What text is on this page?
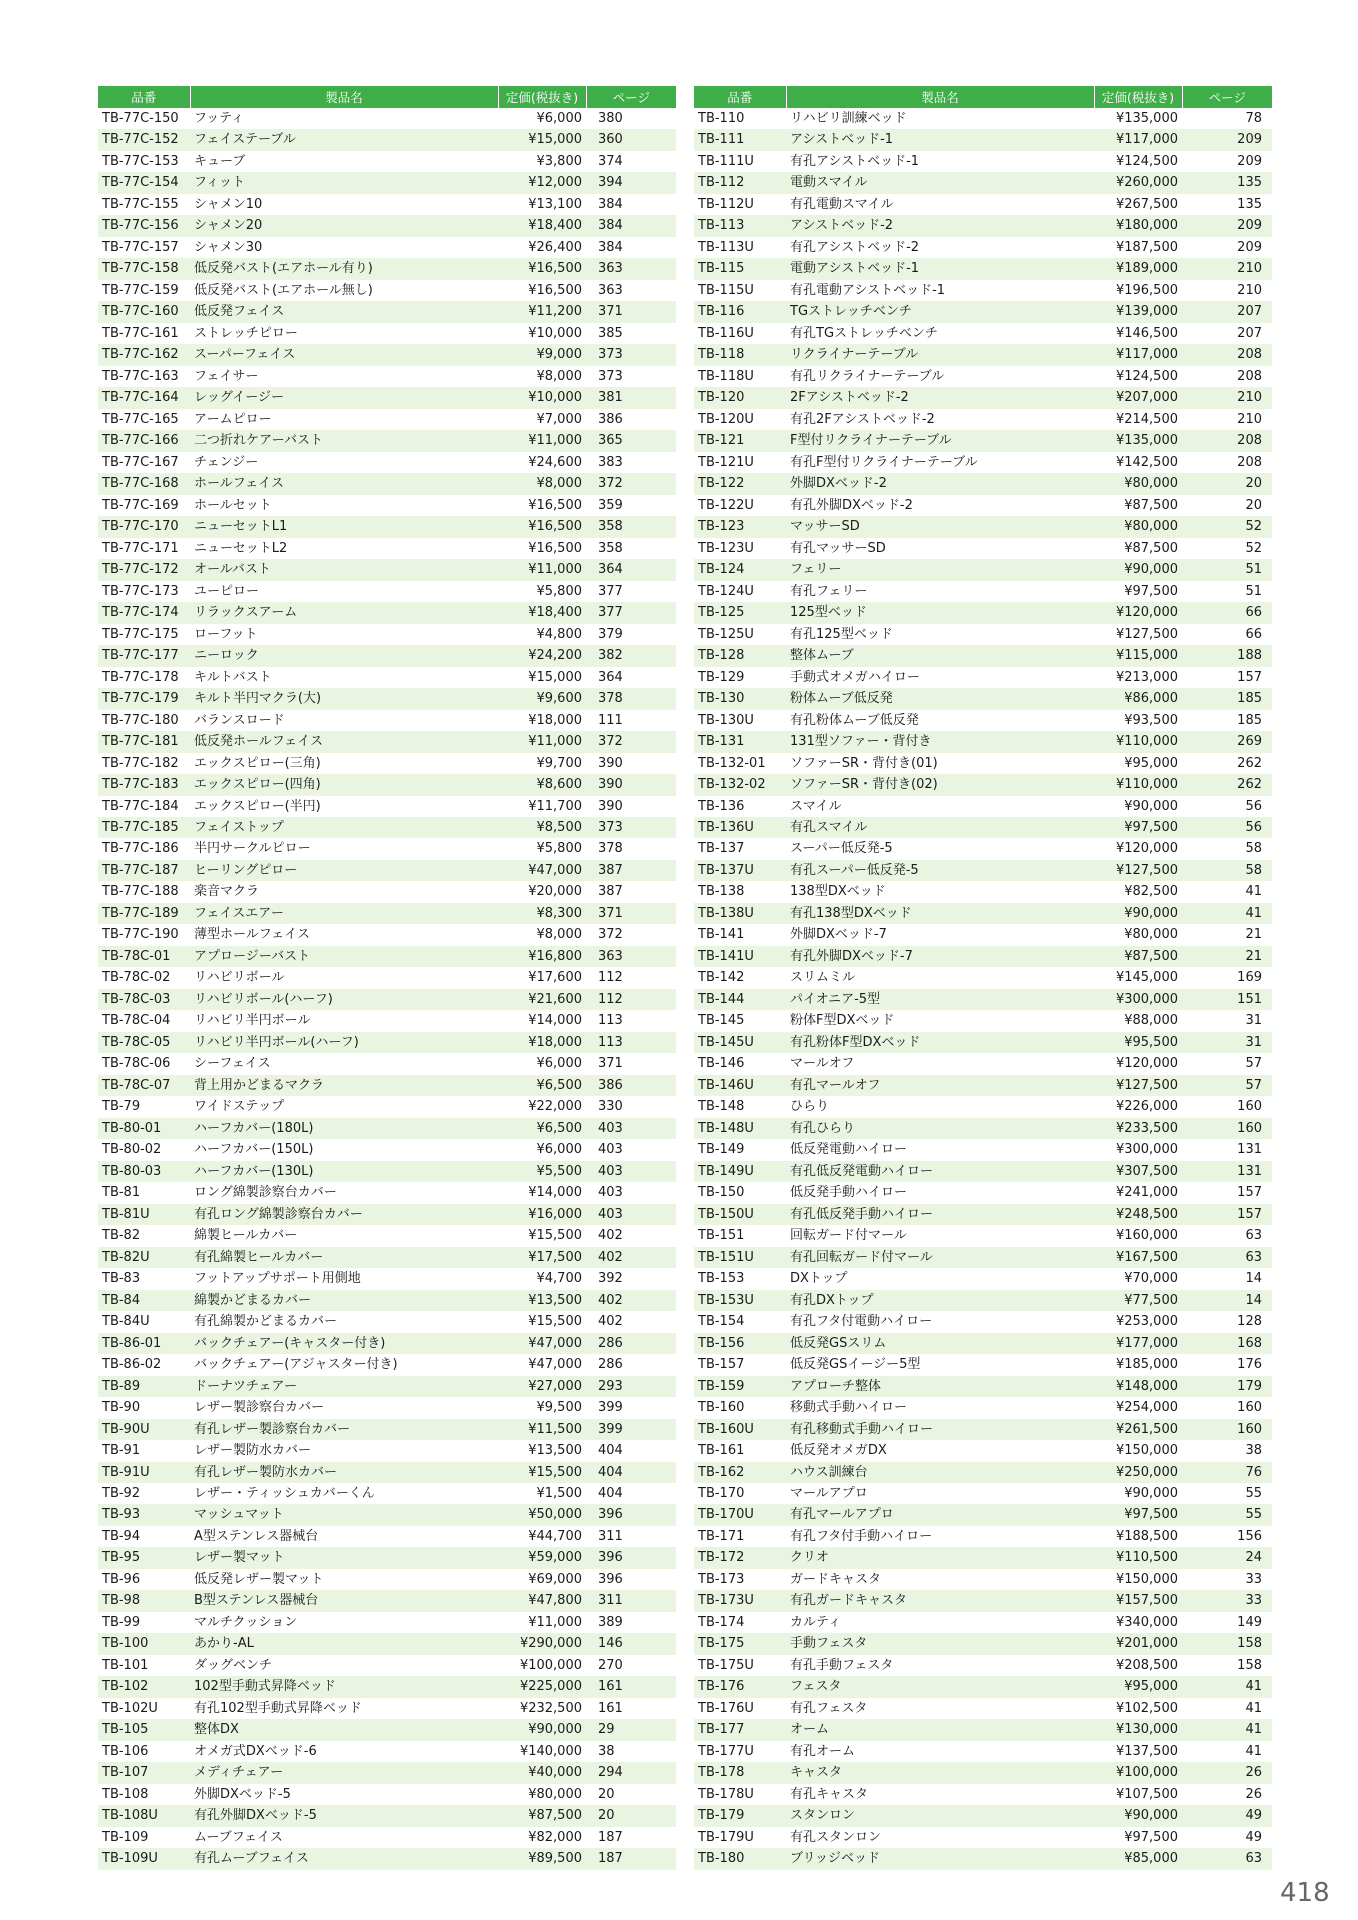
品番	製品名	定価(税抜き)	ページ
TB-77C-150	フッティ	¥6,000	380
TB-77C-152	フェイステーブル	¥15,000	360
TB-77C-153	キューブ	¥3,800	374
TB-77C-154	フィット	¥12,000	394
TB-77C-155	シャメン10	¥13,100	384
TB-77C-156	シャメン20	¥18,400	384
TB-77C-157	シャメン30	¥26,400	384
TB-77C-158	低反発バスト(エアホール有り)	¥16,500	363
TB-77C-159	低反発バスト(エアホール無し)	¥16,500	363
TB-77C-160	低反発フェイス	¥11,200	371
TB-77C-161	ストレッチピロー	¥10,000	385
TB-77C-162	スーパーフェイス	¥9,000	373
TB-77C-163	フェイサー	¥8,000	373
TB-77C-164	レッグイージー	¥10,000	381
TB-77C-165	アームピロー	¥7,000	386
TB-77C-166	二つ折れケアーバスト	¥11,000	365
TB-77C-167	チェンジー	¥24,600	383
TB-77C-168	ホールフェイス	¥8,000	372
TB-77C-169	ホールセット	¥16,500	359
TB-77C-170	ニューセットL1	¥16,500	358
TB-77C-171	ニューセットL2	¥16,500	358
TB-77C-172	オールバスト	¥11,000	364
TB-77C-173	ユーピロー	¥5,800	377
TB-77C-174	リラックスアーム	¥18,400	377
TB-77C-175	ローフット	¥4,800	379
TB-77C-177	ニーロック	¥24,200	382
TB-77C-178	キルトバスト	¥15,000	364
TB-77C-179	キルト半円マクラ(大)	¥9,600	378
TB-77C-180	バランスロード	¥18,000	111
TB-77C-181	低反発ホールフェイス	¥11,000	372
TB-77C-182	エックスピロー(三角)	¥9,700	390
TB-77C-183	エックスピロー(四角)	¥8,600	390
TB-77C-184	エックスピロー(半円)	¥11,700	390
TB-77C-185	フェイストップ	¥8,500	373
TB-77C-186	半円サークルピロー	¥5,800	378
TB-77C-187	ヒーリングピロー	¥47,000	387
TB-77C-188	楽音マクラ	¥20,000	387
TB-77C-189	フェイスエアー	¥8,300	371
TB-77C-190	薄型ホールフェイス	¥8,000	372
TB-78C-01	アプロージーバスト	¥16,800	363
TB-78C-02	リハビリボール	¥17,600	112
TB-78C-03	リハビリボール(ハーフ)	¥21,600	112
TB-78C-04	リハビリ半円ボール	¥14,000	113
TB-78C-05	リハビリ半円ボール(ハーフ)	¥18,000	113
TB-78C-06	シーフェイス	¥6,000	371
TB-78C-07	背上用かどまるマクラ	¥6,500	386
TB-79	ワイドステップ	¥22,000	330
TB-80-01	ハーフカバー(180L)	¥6,500	403
TB-80-02	ハーフカバー(150L)	¥6,000	403
TB-80-03	ハーフカバー(130L)	¥5,500	403
TB-81	ロング綿製診察台カバー	¥14,000	403
TB-81U	有孔ロング綿製診察台カバー	¥16,000	403
TB-82	綿製ヒールカバー	¥15,500	402
TB-82U	有孔綿製ヒールカバー	¥17,500	402
TB-83	フットアップサポート用側地	¥4,700	392
TB-84	綿製かどまるカバー	¥13,500	402
TB-84U	有孔綿製かどまるカバー	¥15,500	402
TB-86-01	バックチェアー(キャスター付き)	¥47,000	286
TB-86-02	バックチェアー(アジャスター付き)	¥47,000	286
TB-89	ドーナツチェアー	¥27,000	293
TB-90	レザー製診察台カバー	¥9,500	399
TB-90U	有孔レザー製診察台カバー	¥11,500	399
TB-91	レザー製防水カバー	¥13,500	404
TB-91U	有孔レザー製防水カバー	¥15,500	404
TB-92	レザー・ティッシュカバーくん	¥1,500	404
TB-93	マッシュマット	¥50,000	396
TB-94	A型ステンレス器械台	¥44,700	311
TB-95	レザー製マット	¥59,000	396
TB-96	低反発レザー製マット	¥69,000	396
TB-98	B型ステンレス器械台	¥47,800	311
TB-99	マルチクッション	¥11,000	389
TB-100	あかり-AL	¥290,000	146
TB-101	ダッグベンチ	¥100,000	270
TB-102	102型手動式昇降ベッド	¥225,000	161
TB-102U	有孔102型手動式昇降ベッド	¥232,500	161
TB-105	整体DX	¥90,000	29
TB-106	オメガ式DXベッド-6	¥140,000	38
TB-107	メディチェアー	¥40,000	294
TB-108	外脚DXベッド-5	¥80,000	20
TB-108U	有孔外脚DXベッド-5	¥87,500	20
TB-109	ムーブフェイス	¥82,000	187
TB-109U	有孔ムーブフェイス	¥89,500	187
品番	製品名	定価(税抜き)	ページ
TB-110	リハビリ訓練ベッド	¥135,000	78
TB-111	アシストベッド-1	¥117,000	209
TB-111U	有孔アシストベッド-1	¥124,500	209
TB-112	電動スマイル	¥260,000	135
TB-112U	有孔電動スマイル	¥267,500	135
TB-113	アシストベッド-2	¥180,000	209
TB-113U	有孔アシストベッド-2	¥187,500	209
TB-115	電動アシストベッド-1	¥189,000	210
TB-115U	有孔電動アシストベッド-1	¥196,500	210
TB-116	TGストレッチベンチ	¥139,000	207
TB-116U	有孔TGストレッチベンチ	¥146,500	207
TB-118	リクライナーテーブル	¥117,000	208
TB-118U	有孔リクライナーテーブル	¥124,500	208
TB-120	2Fアシストベッド-2	¥207,000	210
TB-120U	有孔2Fアシストベッド-2	¥214,500	210
TB-121	F型付リクライナーテーブル	¥135,000	208
TB-121U	有孔F型付リクライナーテーブル	¥142,500	208
TB-122	外脚DXベッド-2	¥80,000	20
TB-122U	有孔外脚DXベッド-2	¥87,500	20
TB-123	マッサーSD	¥80,000	52
TB-123U	有孔マッサーSD	¥87,500	52
TB-124	フェリー	¥90,000	51
TB-124U	有孔フェリー	¥97,500	51
TB-125	125型ベッド	¥120,000	66
TB-125U	有孔125型ベッド	¥127,500	66
TB-128	整体ムーブ	¥115,000	188
TB-129	手動式オメガハイロー	¥213,000	157
TB-130	粉体ムーブ低反発	¥86,000	185
TB-130U	有孔粉体ムーブ低反発	¥93,500	185
TB-131	131型ソファー・背付き	¥110,000	269
TB-132-01	ソファーSR・背付き(01)	¥95,000	262
TB-132-02	ソファーSR・背付き(02)	¥110,000	262
TB-136	スマイル	¥90,000	56
TB-136U	有孔スマイル	¥97,500	56
TB-137	スーパー低反発-5	¥120,000	58
TB-137U	有孔スーパー低反発-5	¥127,500	58
TB-138	138型DXベッド	¥82,500	41
TB-138U	有孔138型DXベッド	¥90,000	41
TB-141	外脚DXベッド-7	¥80,000	21
TB-141U	有孔外脚DXベッド-7	¥87,500	21
TB-142	スリムミル	¥145,000	169
TB-144	パイオニア-5型	¥300,000	151
TB-145	粉体F型DXベッド	¥88,000	31
TB-145U	有孔粉体F型DXベッド	¥95,500	31
TB-146	マールオフ	¥120,000	57
TB-146U	有孔マールオフ	¥127,500	57
TB-148	ひらり	¥226,000	160
TB-148U	有孔ひらり	¥233,500	160
TB-149	低反発電動ハイロー	¥300,000	131
TB-149U	有孔低反発電動ハイロー	¥307,500	131
TB-150	低反発手動ハイロー	¥241,000	157
TB-150U	有孔低反発手動ハイロー	¥248,500	157
TB-151	回転ガード付マール	¥160,000	63
TB-151U	有孔回転ガード付マール	¥167,500	63
TB-153	DXトップ	¥70,000	14
TB-153U	有孔DXトップ	¥77,500	14
TB-154	有孔フタ付電動ハイロー	¥253,000	128
TB-156	低反発GSスリム	¥177,000	168
TB-157	低反発GSイージー5型	¥185,000	176
TB-159	アプローチ整体	¥148,000	179
TB-160	移動式手動ハイロー	¥254,000	160
TB-160U	有孔移動式手動ハイロー	¥261,500	160
TB-161	低反発オメガDX	¥150,000	38
TB-162	ハウス訓練台	¥250,000	76
TB-170	マールアプロ	¥90,000	55
TB-170U	有孔マールアプロ	¥97,500	55
TB-171	有孔フタ付手動ハイロー	¥188,500	156
TB-172	クリオ	¥110,500	24
TB-173	ガードキャスタ	¥150,000	33
TB-173U	有孔ガードキャスタ	¥157,500	33
TB-174	カルティ	¥340,000	149
TB-175	手動フェスタ	¥201,000	158
TB-175U	有孔手動フェスタ	¥208,500	158
TB-176	フェスタ	¥95,000	41
TB-176U	有孔フェスタ	¥102,500	41
TB-177	オーム	¥130,000	41
TB-177U	有孔オーム	¥137,500	41
TB-178	キャスタ	¥100,000	26
TB-178U	有孔キャスタ	¥107,500	26
TB-179	スタンロン	¥90,000	49
TB-179U	有孔スタンロン	¥97,500	49
TB-180	ブリッジベッド	¥85,000	63
418
